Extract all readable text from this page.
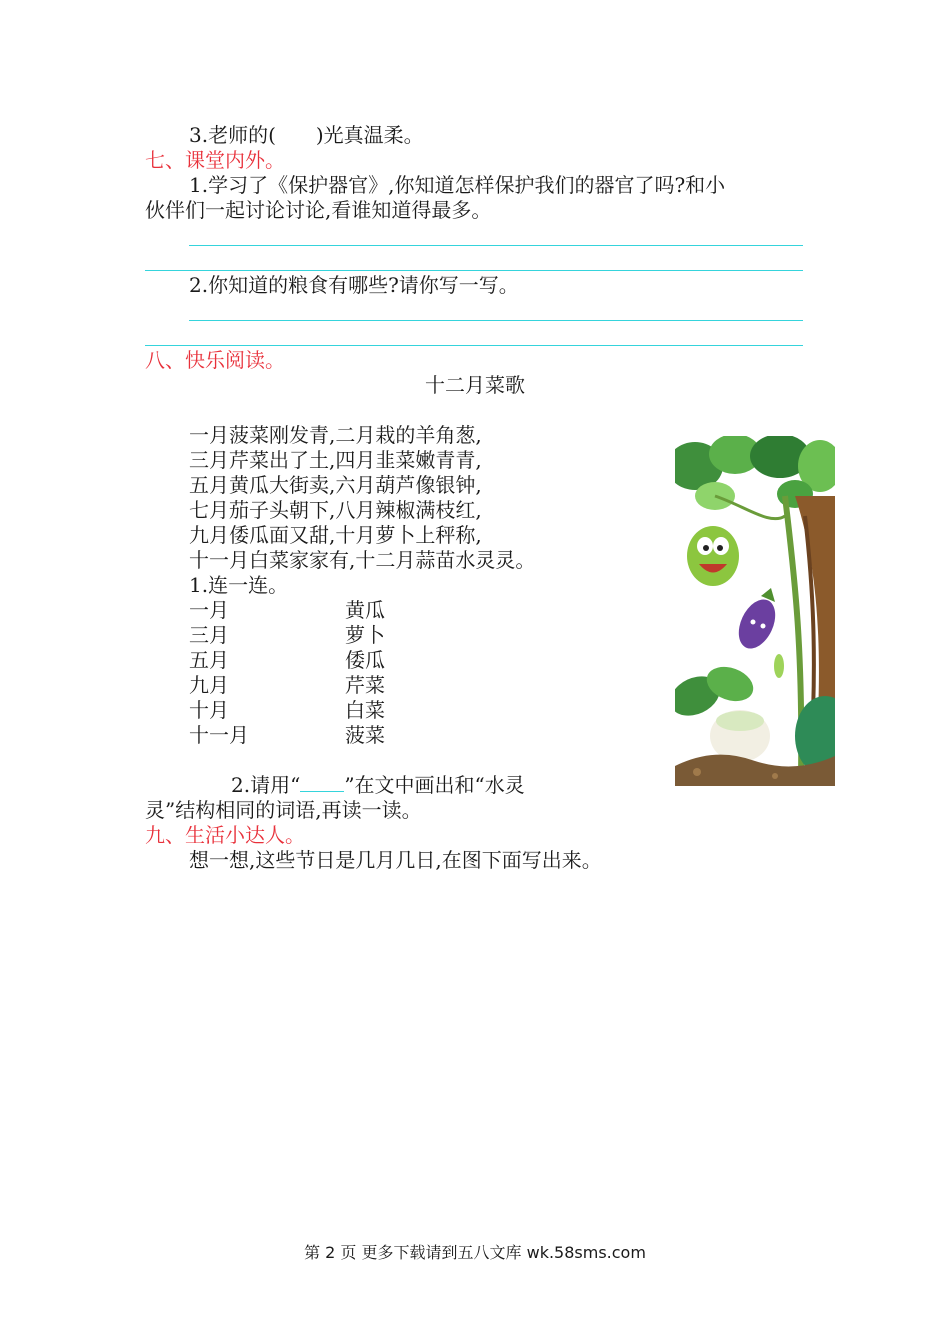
3.老师的(　　)光真温柔。
七、课堂内外。
1.学习了《保护器官》,你知道怎样保护我们的器官了吗?和小
伙伴们一起讨论讨论,看谁知道得最多。
2.你知道的粮食有哪些?请你写一写。
八、快乐阅读。
十二月菜歌
一月菠菜刚发青,二月栽的羊角葱,
三月芹菜出了土,四月韭菜嫩青青,
五月黄瓜大街卖,六月葫芦像银钟,
七月茄子头朝下,八月辣椒满枝红,
九月倭瓜面又甜,十月萝卜上秤称,
十一月白菜家家有,十二月蒜苗水灵灵。
1.连一连。
一月	黄瓜
三月	萝卜
五月	倭瓜
九月	芹菜
十月	白菜
十一月	菠菜
2.请用“ ”在文中画出和“水灵
灵”结构相同的词语,再读一读。
九、生活小达人。
想一想,这些节日是几月几日,在图下面写出来。
第 2 页 更多下载请到五八文库 wk.58sms.com
